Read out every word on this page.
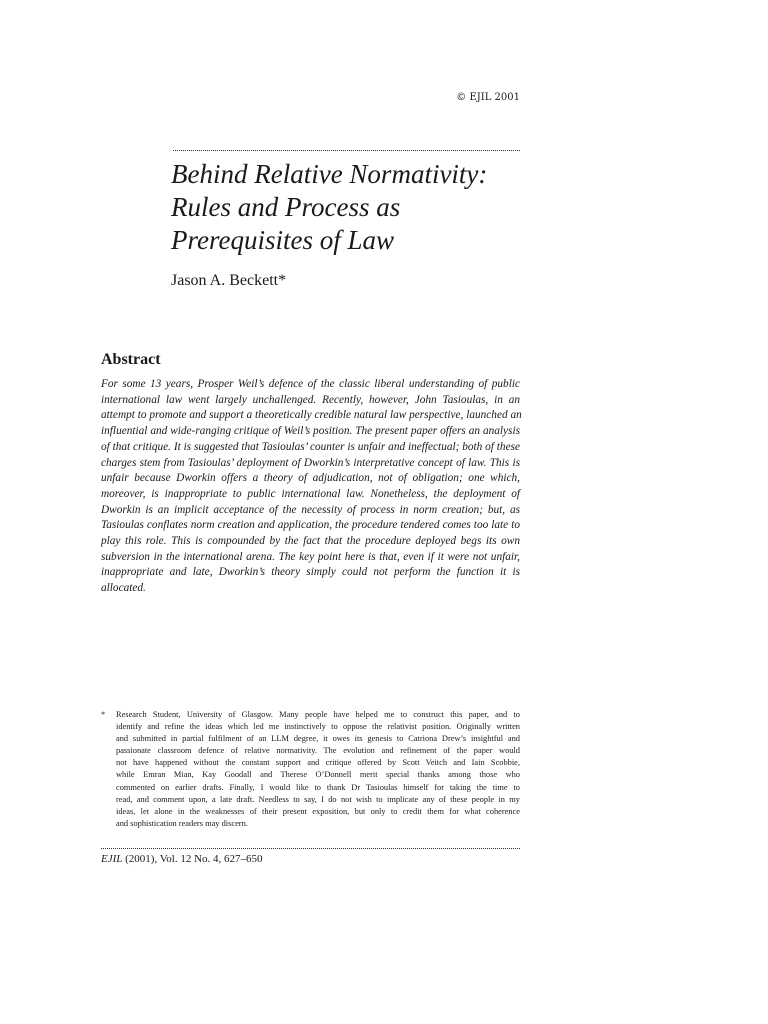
© EJIL 2001
Behind Relative Normativity:
Rules and Process as
Prerequisites of Law
Jason A. Beckett*
Abstract
For some 13 years, Prosper Weil’s defence of the classic liberal understanding of public
international law went largely unchallenged. Recently, however, John Tasioulas, in an
attempt to promote and support a theoretically credible natural law perspective, launched an
influential and wide-ranging critique of Weil’s position. The present paper offers an analysis
of that critique. It is suggested that Tasioulas’ counter is unfair and ineffectual; both of these
charges stem from Tasioulas’ deployment of Dworkin’s interpretative concept of law. This is
unfair because Dworkin offers a theory of adjudication, not of obligation; one which,
moreover, is inappropriate to public international law. Nonetheless, the deployment of
Dworkin is an implicit acceptance of the necessity of process in norm creation; but, as
Tasioulas conflates norm creation and application, the procedure tendered comes too late to
play this role. This is compounded by the fact that the procedure deployed begs its own
subversion in the international arena. The key point here is that, even if it were not unfair,
inappropriate and late, Dworkin’s theory simply could not perform the function it is
allocated.
* Research Student, University of Glasgow. Many people have helped me to construct this paper, and to
identify and refine the ideas which led me instinctively to oppose the relativist position. Originally written
and submitted in partial fulfilment of an LLM degree, it owes its genesis to Catriona Drew’s insightful and
passionate classroom defence of relative normativity. The evolution and refinement of the paper would
not have happened without the constant support and critique offered by Scott Veitch and Iain Scobbie,
while Emran Mian, Kay Goodall and Therese O’Donnell merit special thanks among those who
commented on earlier drafts. Finally, I would like to thank Dr Tasioulas himself for taking the time to
read, and comment upon, a late draft. Needless to say, I do not wish to implicate any of these people in my
ideas, let alone in the weaknesses of their present exposition, but only to credit them for what coherence
and sophistication readers may discern.
EJIL (2001), Vol. 12 No. 4, 627–650
